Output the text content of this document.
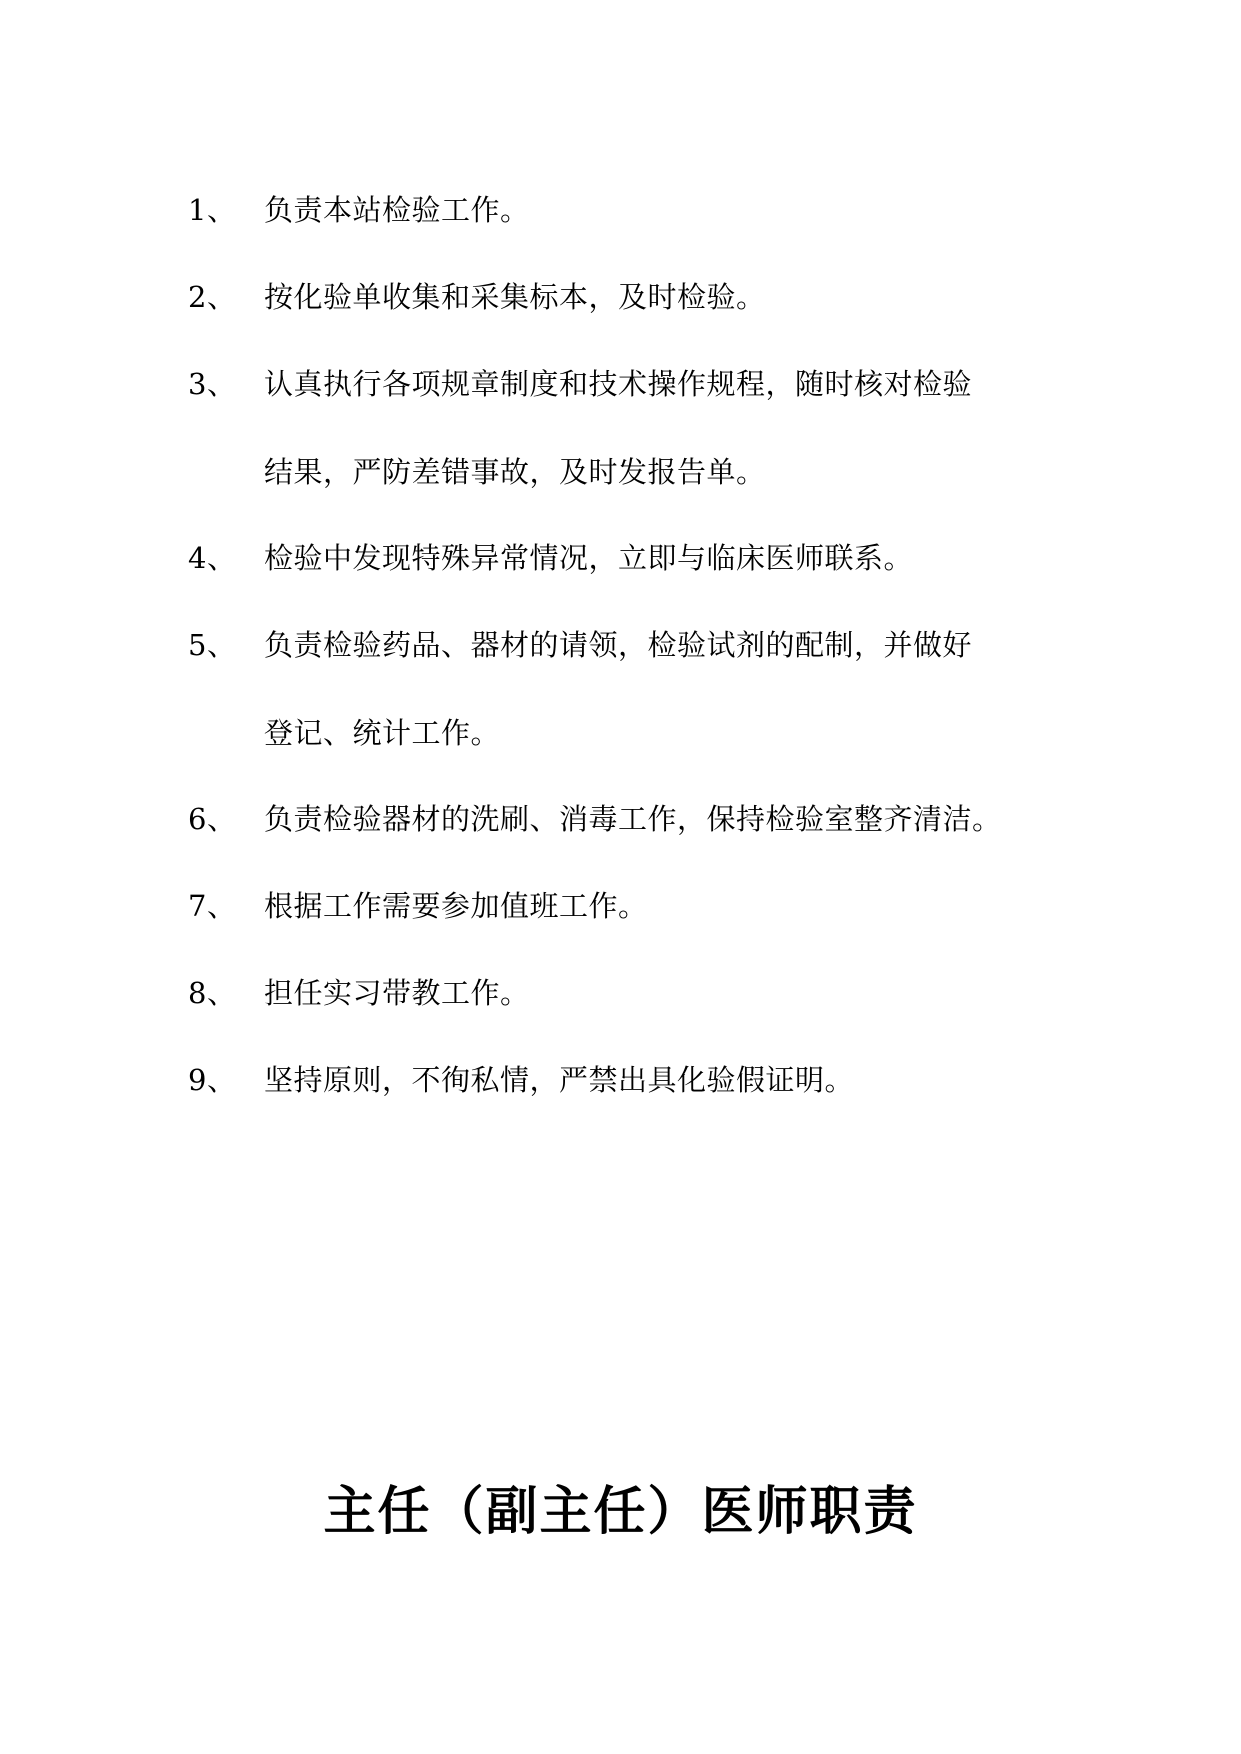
1、 负责本站检验工作。
2、 按化验单收集和采集标本，及时检验。
3、 认真执行各项规章制度和技术操作规程，随时核对检验
结果，严防差错事故，及时发报告单。
4、 检验中发现特殊异常情况，立即与临床医师联系。
5、 负责检验药品、器材的请领，检验试剂的配制，并做好
登记、统计工作。
6、 负责检验器材的洗刷、消毒工作，保持检验室整齐清洁。
7、 根据工作需要参加值班工作。
8、 担任实习带教工作。
9、 坚持原则，不徇私情，严禁出具化验假证明。
主任（副主任）医师职责
